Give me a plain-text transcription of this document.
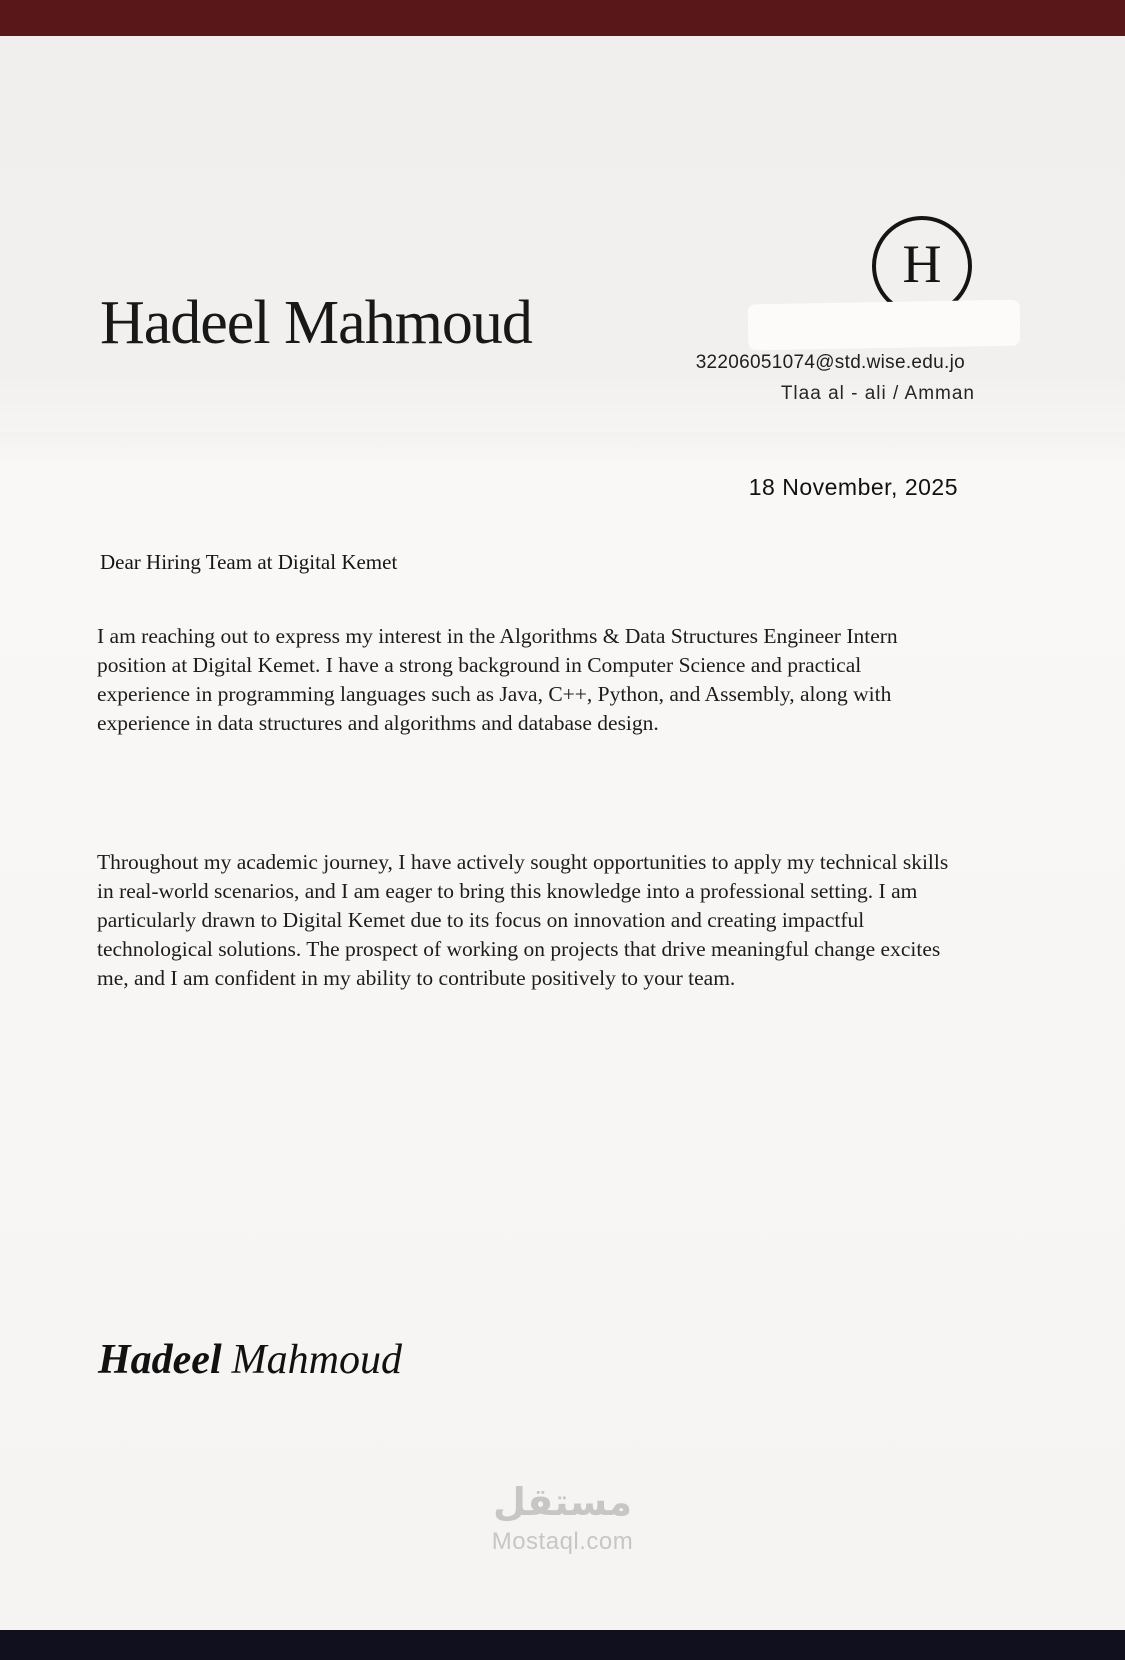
Hadeel Mahmoud
H
32206051074@std.wise.edu.jo
Tlaa al - ali / Amman
18 November, 2025
Dear Hiring Team at Digital Kemet

I am reaching out to express my interest in the Algorithms & Data Structures Engineer Intern position at Digital Kemet. I have a strong background in Computer Science and practical experience in programming languages such as Java, C++, Python, and Assembly, along with experience in data structures and algorithms and database design.

Throughout my academic journey, I have actively sought opportunities to apply my technical skills in real-world scenarios, and I am eager to bring this knowledge into a professional setting. I am particularly drawn to Digital Kemet due to its focus on innovation and creating impactful technological solutions. The prospect of working on projects that drive meaningful change excites me, and I am confident in my ability to contribute positively to your team.

Hadeel Mahmoud
مستقل
Mostaql.com
